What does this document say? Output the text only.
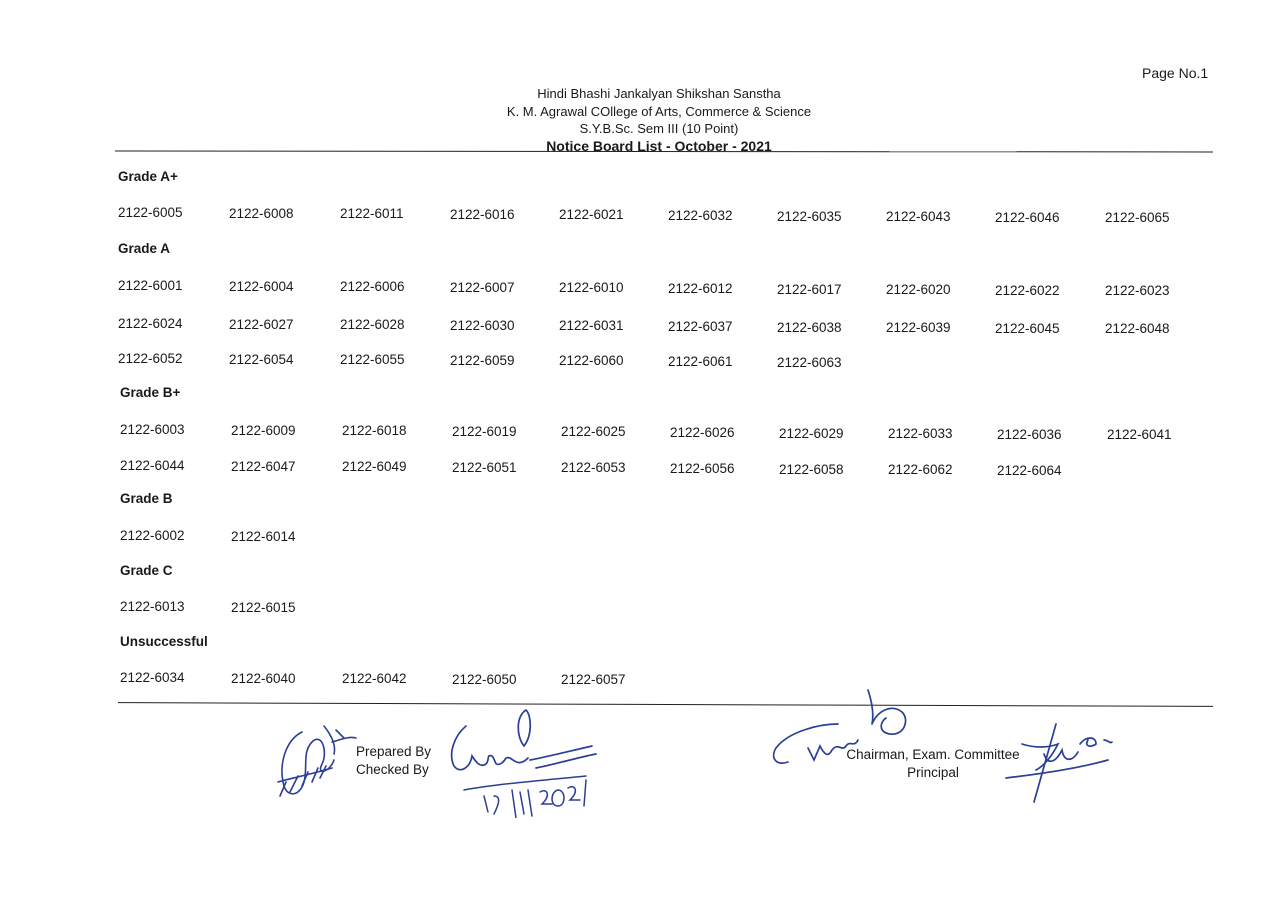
Page No.1
Hindi Bhashi Jankalyan Shikshan Sanstha
K. M. Agrawal COllege of Arts, Commerce & Science
S.Y.B.Sc. Sem III (10 Point)
Notice Board List - October - 2021
Grade A+
2122-6005	2122-6008	2122-6011	2122-6016	2122-6021	2122-6032	2122-6035	2122-6043	2122-6046	2122-6065
Grade A
2122-6001	2122-6004	2122-6006	2122-6007	2122-6010	2122-6012	2122-6017	2122-6020	2122-6022	2122-6023
2122-6024	2122-6027	2122-6028	2122-6030	2122-6031	2122-6037	2122-6038	2122-6039	2122-6045	2122-6048
2122-6052	2122-6054	2122-6055	2122-6059	2122-6060	2122-6061	2122-6063
Grade B+
2122-6003	2122-6009	2122-6018	2122-6019	2122-6025	2122-6026	2122-6029	2122-6033	2122-6036	2122-6041
2122-6044	2122-6047	2122-6049	2122-6051	2122-6053	2122-6056	2122-6058	2122-6062	2122-6064
Grade B
2122-6002	2122-6014
Grade C
2122-6013	2122-6015
Unsuccessful
2122-6034	2122-6040	2122-6042	2122-6050	2122-6057
Prepared By
Checked By
Chairman, Exam. Committee
Principal
